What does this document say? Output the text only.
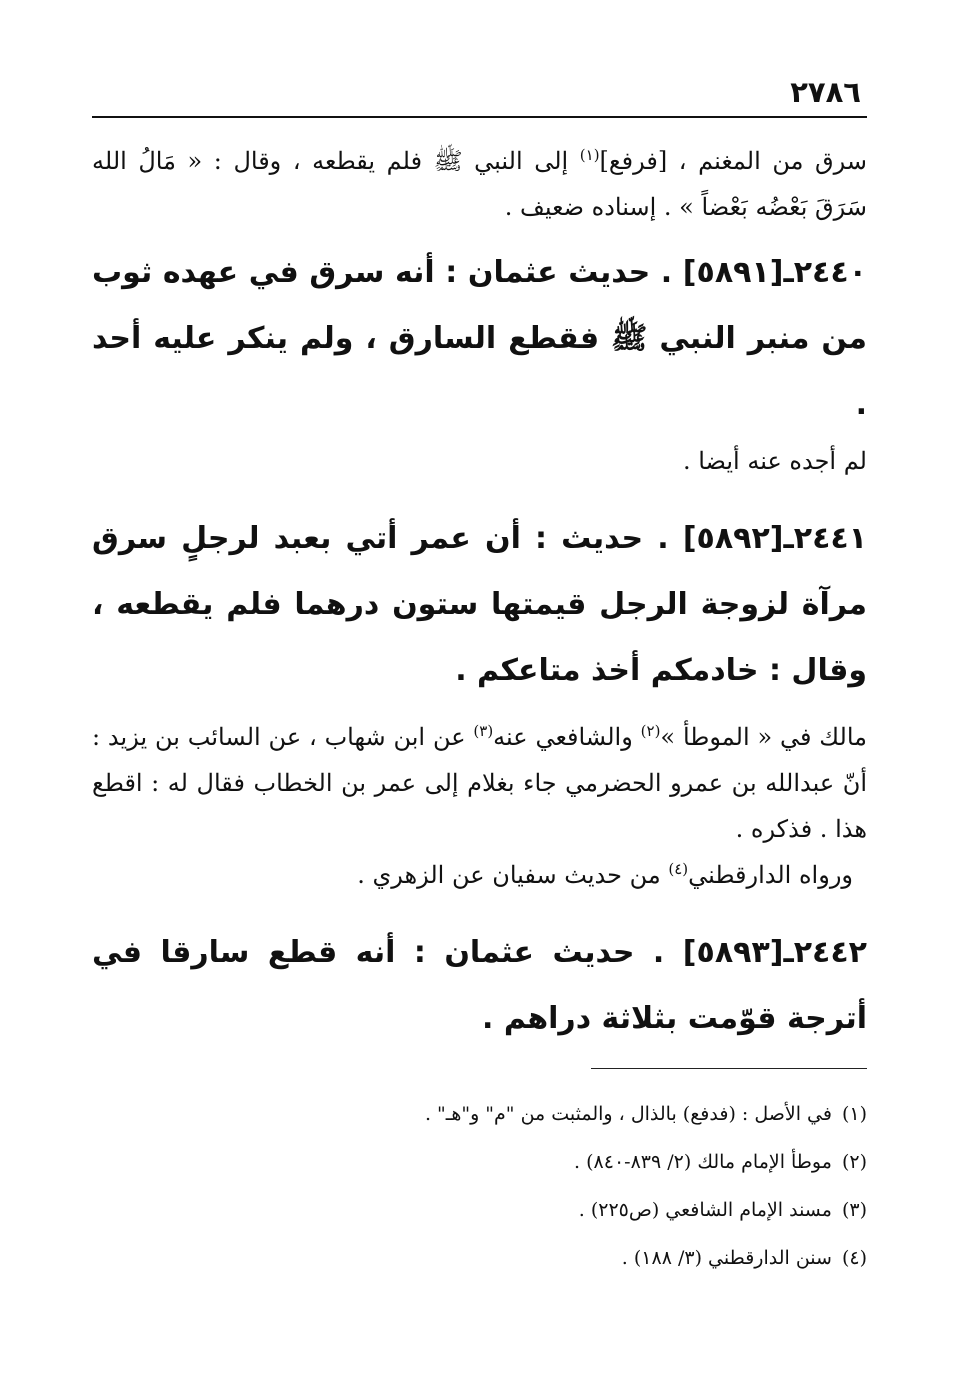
٢٧٨٦

سرق من المغنم ، [فرفع]$^{(١)}$ إلى النبي ﷺ فلم يقطعه ، وقال : « مَالُ الله سَرَقَ بَعْضُه بَعْضاً » . إسناده ضعيف .

٢٤٤٠ـ[٥٨٩١] . حديث عثمان : أنه سرق في عهده ثوب من منبر النبي ﷺ فقطع السارق ، ولم ينكر عليه أحد .

لم أجده عنه أيضا .

٢٤٤١ـ[٥٨٩٢] . حديث : أن عمر أتي بعبد لرجلٍ سرق مرآة لزوجة الرجل قيمتها ستون درهما فلم يقطعه ، وقال : خادمكم أخذ متاعكم .

مالك في « الموطأ »$^{(٢)}$ والشافعي عنه$^{(٣)}$ عن ابن شهاب ، عن السائب بن يزيد : أنّ عبدالله بن عمرو الحضرمي جاء بغلام إلى عمر بن الخطاب فقال له : اقطع هذا . فذكره .

ورواه الدارقطني$^{(٤)}$ من حديث سفيان عن الزهري .

٢٤٤٢ـ[٥٨٩٣] . حديث عثمان : أنه قطع سارقا في أترجة قوّمت بثلاثة دراهم .

(١)
في الأصل : (فدفع) بالذال ، والمثبت من "م" و"هـ" .

(٢)
موطأ الإمام مالك (٢/ ٨٣٩-٨٤٠) .

(٣)
مسند الإمام الشافعي (ص٢٢٥) .

(٤)
سنن الدارقطني (٣/ ١٨٨) .
